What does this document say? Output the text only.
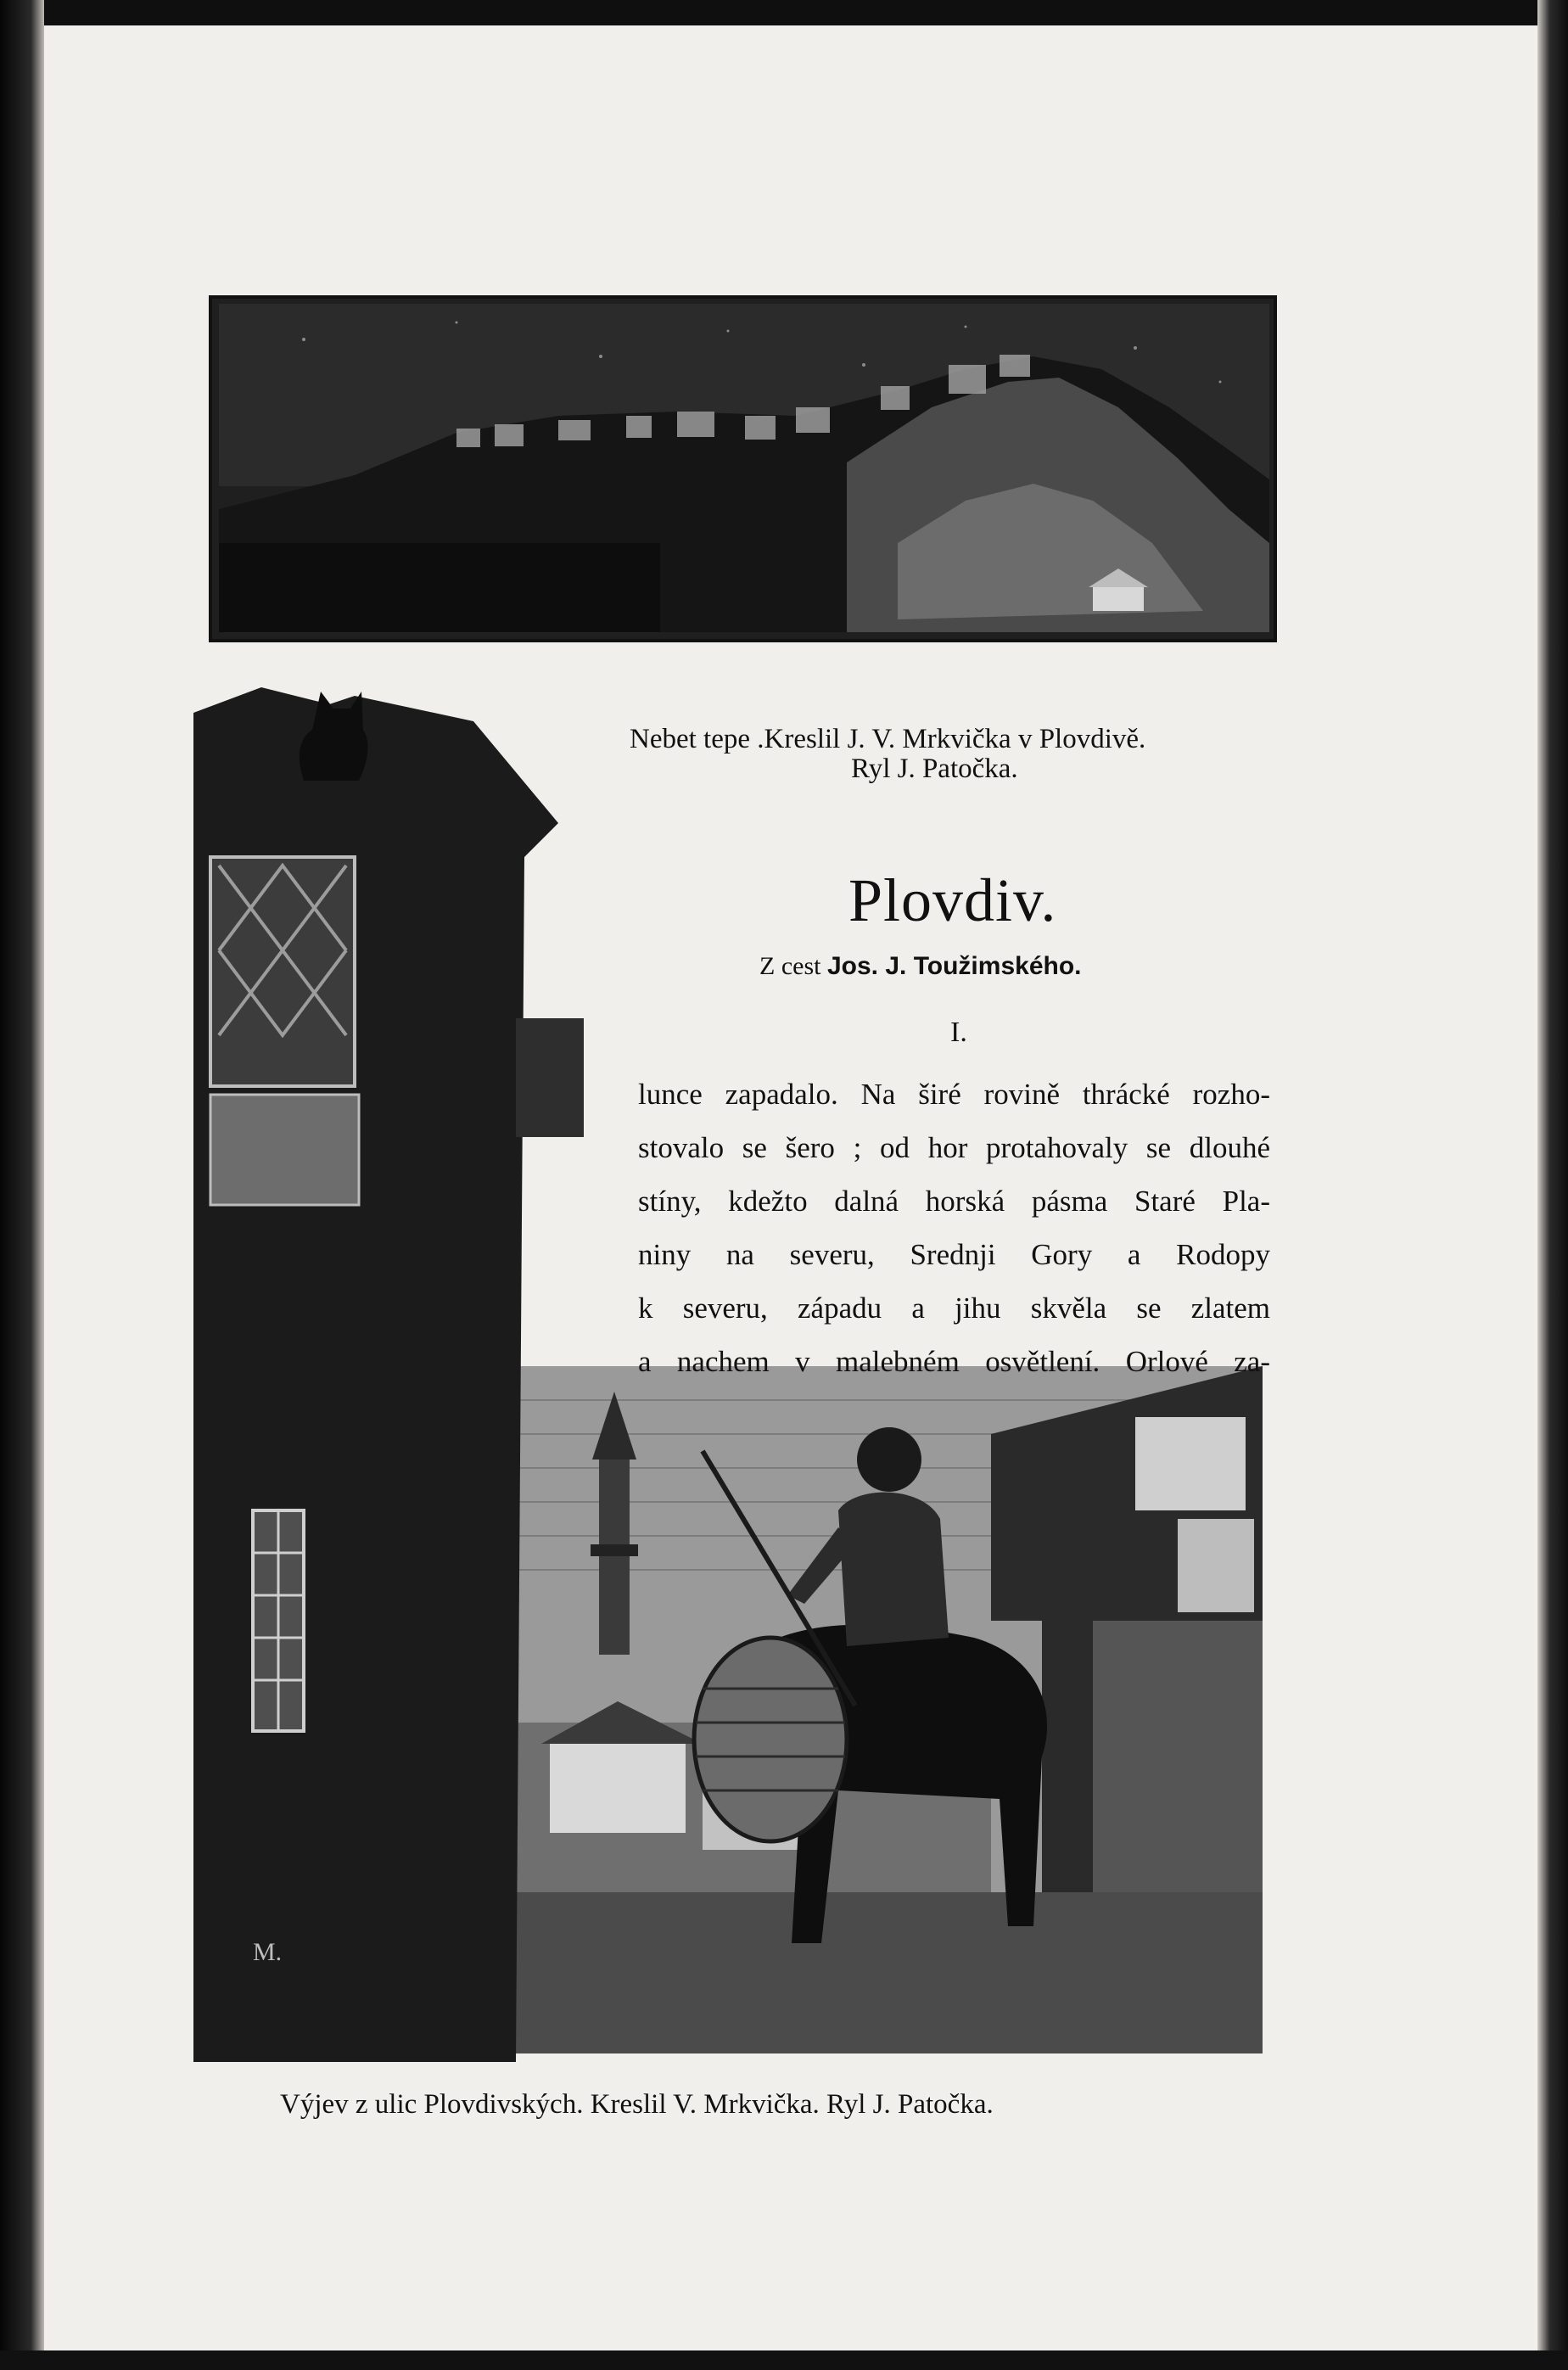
M.
Nebet tepe .Kreslil J. V. Mrkvička v Plovdivě.
Ryl J. Patočka.
Plovdiv.
Z cest Jos. J. Toužimského.
I.
lunce zapadalo. Na širé rovině thrácké rozho-
stovalo se šero ; od hor protahovaly se dlouhé
stíny, kdežto dalná horská pásma Staré Pla-
niny na severu, Srednji Gory a Rodopy
k severu, západu a jihu skvěla se zlatem
a nachem v malebném osvětlení. Orlové za-
Výjev z ulic Plovdivských. Kreslil V. Mrkvička. Ryl J. Patočka.
